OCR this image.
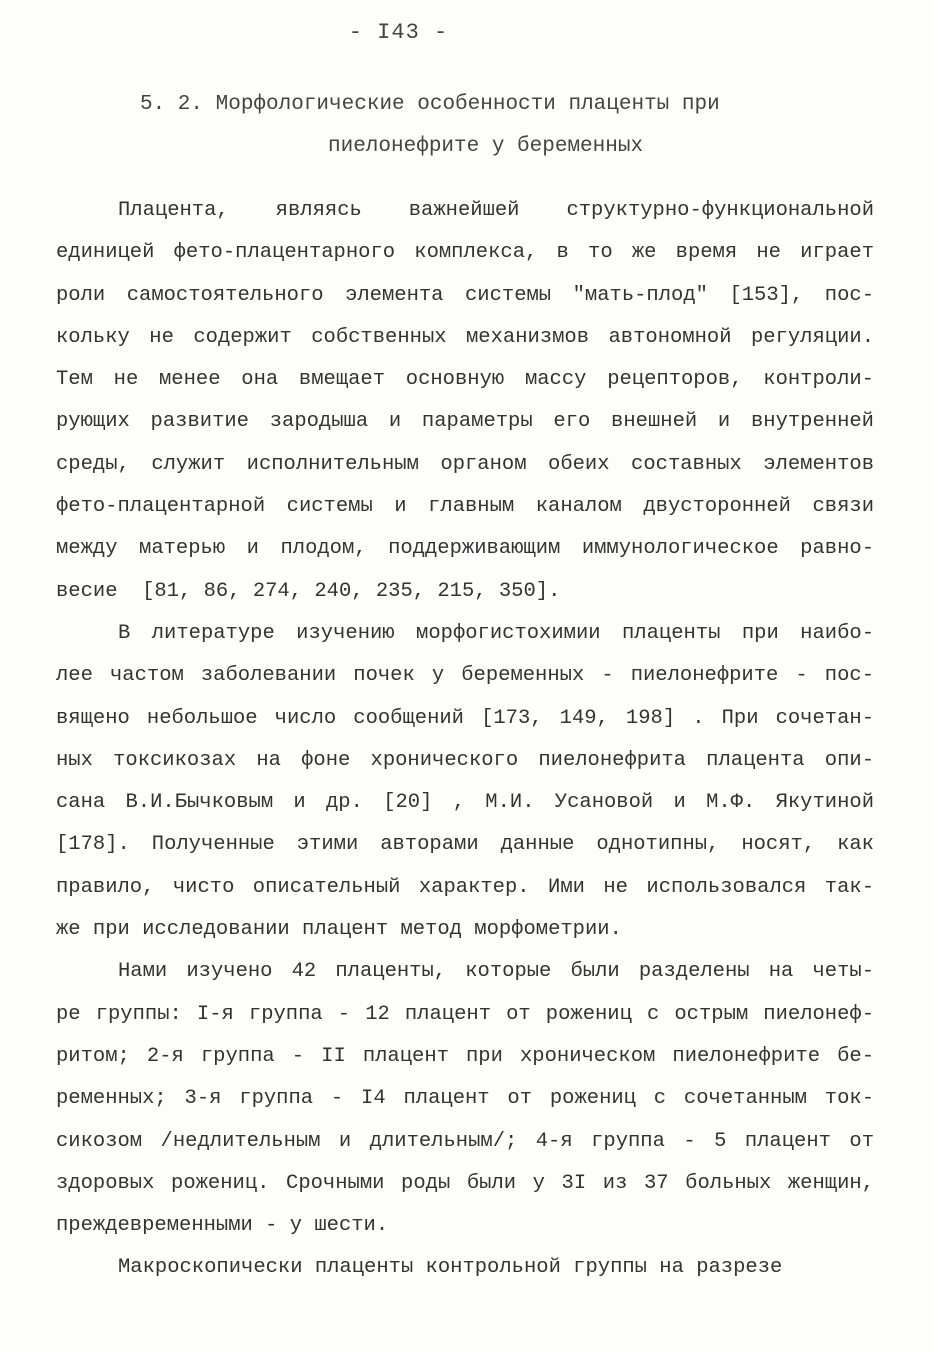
- I43 -
5. 2. Морфологические особенности плаценты при
пиелонефрите у беременных
Плацента, являясь важнейшей структурно-функциональной
единицей фето-плацентарного комплекса, в то же время не играет
роли самостоятельного элемента системы "мать-плод" [153], пос-
кольку не содержит собственных механизмов автономной регуляции.
Тем не менее она вмещает основную массу рецепторов, контроли-
рующих развитие зародыша и параметры его внешней и внутренней
среды, служит исполнительным органом обеих составных элементов
фето-плацентарной системы и главным каналом двусторонней связи
между матерью и плодом, поддерживающим иммунологическое равно-
весие  [81, 86, 274, 240, 235, 215, 350].
В литературе изучению морфогистохимии плаценты при наибо-
лее частом заболевании почек у беременных - пиелонефрите - пос-
вящено небольшое число сообщений [173, 149, 198] . При сочетан-
ных токсикозах на фоне хронического пиелонефрита плацента опи-
сана В.И.Бычковым и др. [20] , М.И. Усановой и М.Ф. Якутиной
[178]. Полученные этими авторами данные однотипны, носят, как
правило, чисто описательный характер. Ими не использовался так-
же при исследовании плацент метод морфометрии.
Нами изучено 42 плаценты, которые были разделены на четы-
ре группы: I-я группа - 12 плацент от рожениц с острым пиелонеф-
ритом; 2-я группа - II плацент при хроническом пиелонефрите бе-
ременных; 3-я группа - I4 плацент от рожениц с сочетанным ток-
сикозом /недлительным и длительным/; 4-я группа - 5 плацент от
здоровых рожениц. Срочными роды были у 3I из 37 больных женщин,
преждевременными - у шести.
Макроскопически плаценты контрольной группы на разрезе
